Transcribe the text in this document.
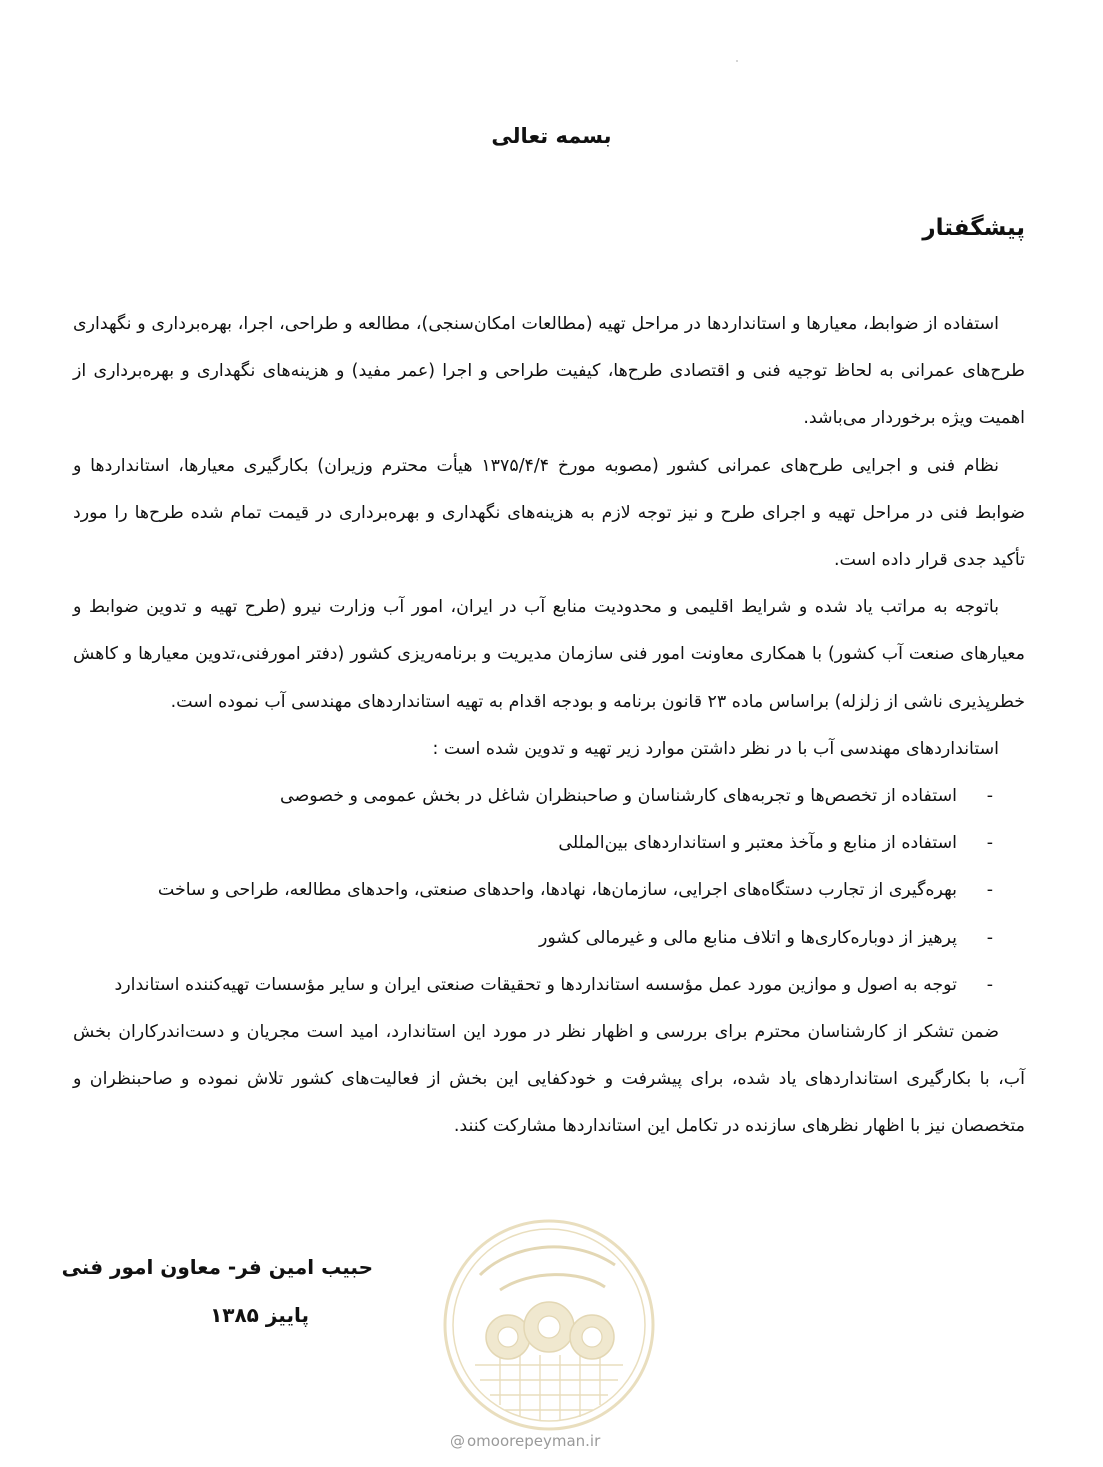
بسمه تعالی
پیشگفتار

استفاده از ضوابط، معیارها و استانداردها در مراحل تهیه (مطالعات امکان‌سنجی)، مطالعه و طراحی، اجرا، بهره‌برداری و نگهداری طرح‌های عمرانی به لحاظ توجیه فنی و اقتصادی طرح‌ها، کیفیت طراحی و اجرا (عمر مفید) و هزینه‌های نگهداری و بهره‌برداری از اهمیت ویژه برخوردار می‌باشد.

نظام فنی و اجرایی طرح‌های عمرانی کشور (مصوبه مورخ ۱۳۷۵/۴/۴ هیأت محترم وزیران) بکارگیری معیارها، استانداردها و ضوابط فنی در مراحل تهیه و اجرای طرح و نیز توجه لازم به هزینه‌های نگهداری و بهره‌برداری در قیمت تمام شده طرح‌ها را مورد تأکید جدی قرار داده است.

باتوجه به مراتب یاد شده و شرایط اقلیمی و محدودیت منابع آب در ایران، امور آب وزارت نیرو (طرح تهیه و تدوین ضوابط و معیارهای صنعت آب کشور) با همکاری معاونت امور فنی سازمان مدیریت و برنامه‌ریزی کشور (دفتر امورفنی،تدوین معیارها و کاهش خطرپذیری ناشی از زلزله) براساس ماده ۲۳ قانون برنامه و بودجه اقدام به تهیه استانداردهای مهندسی آب نموده است.

استانداردهای مهندسی آب با در نظر داشتن موارد زیر تهیه و تدوین شده است :

-
استفاده از تخصص‌ها و تجربه‌های کارشناسان و صاحبنظران شاغل در بخش عمومی و خصوصی
-
استفاده از منابع و مآخذ معتبر و استانداردهای بین‌المللی
-
بهره‌گیری از تجارب دستگاه‌های اجرایی، سازمان‌ها، نهادها، واحدهای صنعتی، واحدهای مطالعه، طراحی و ساخت
-
پرهیز از دوباره‌کاری‌ها و اتلاف منابع مالی و غیرمالی کشور
-
توجه به اصول و موازین مورد عمل مؤسسه استانداردها و تحقیقات صنعتی ایران و سایر مؤسسات تهیه‌کننده استاندارد

ضمن تشکر از کارشناسان محترم برای بررسی و اظهار نظر در مورد این استاندارد، امید است مجریان و دست‌اندرکاران بخش آب، با بکارگیری استانداردهای یاد شده، برای پیشرفت و خودکفایی این بخش از فعالیت‌های کشور تلاش نموده و صاحبنظران و متخصصان نیز با اظهار نظرهای سازنده در تکامل این استانداردها مشارکت کنند.

حبیب امین فر- معاون امور فنی
پاییز ۱۳۸۵
@ omoorepeyman.ir
